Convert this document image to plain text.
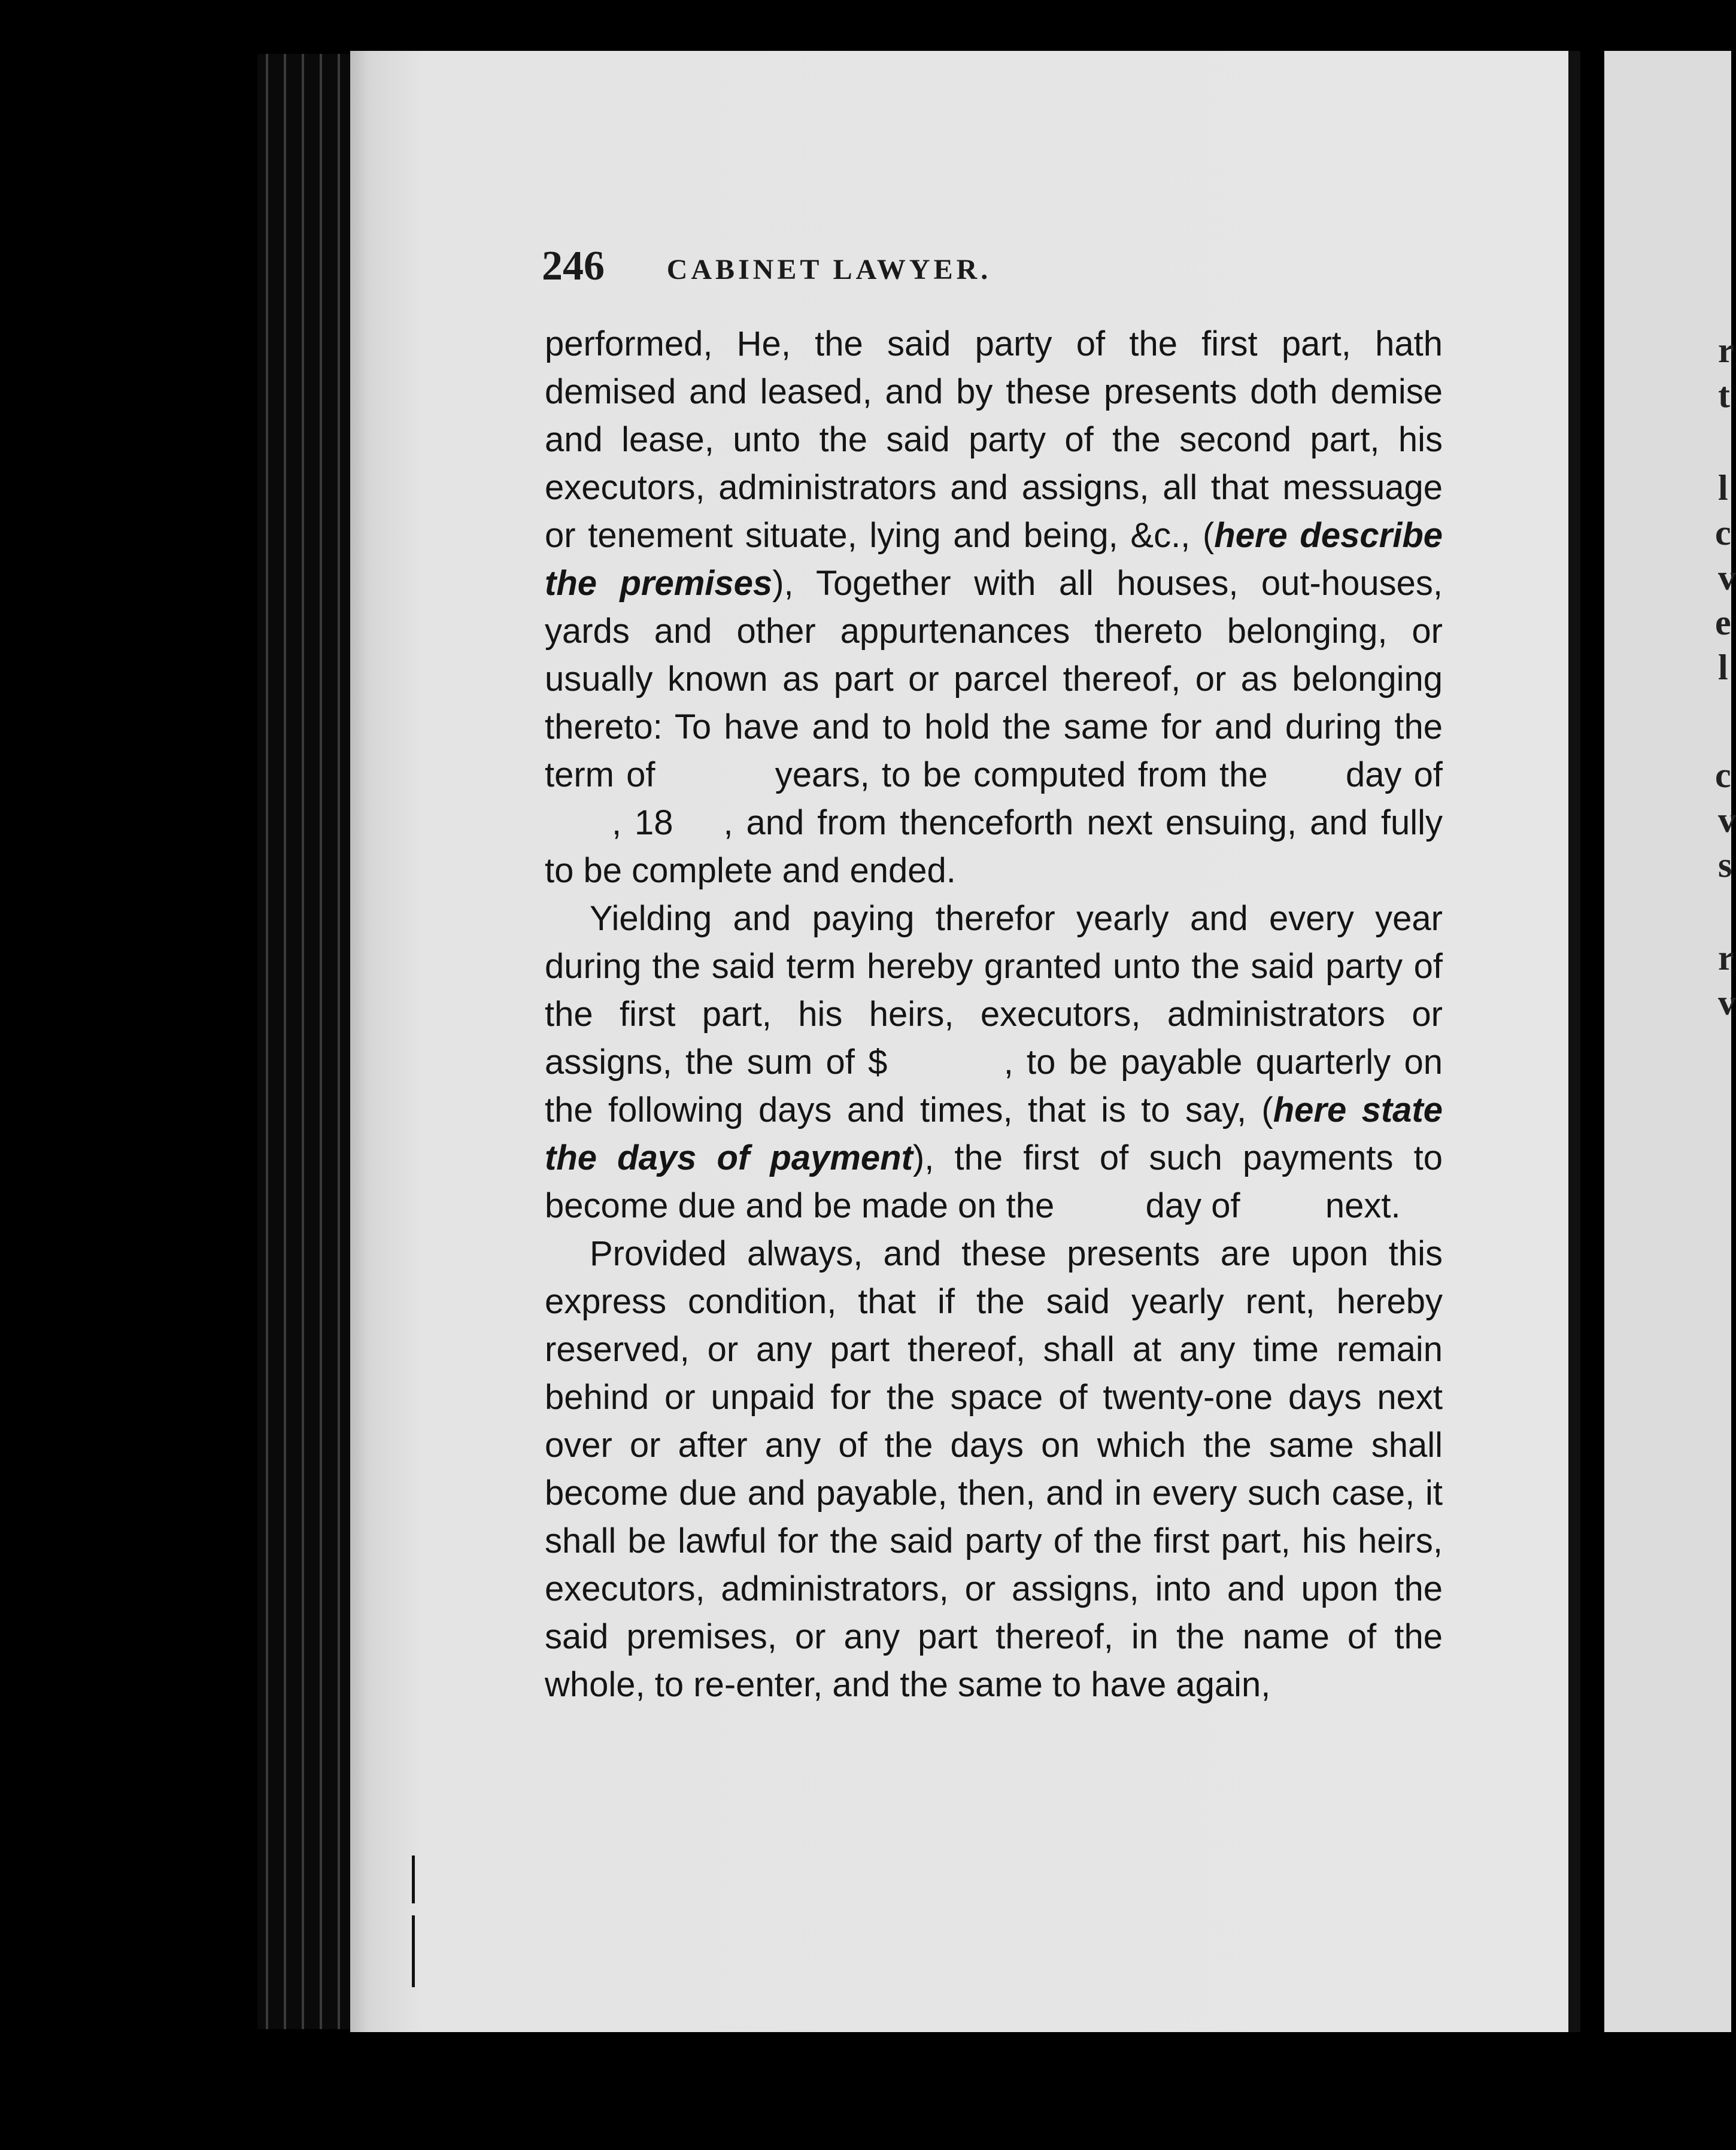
r
t
l
c
v
e
l
c
v
s
r
v
246 CABINET LAWYER.

performed, He, the said party of the first part, hath demised and leased, and by these presents doth demise and lease, unto the said party of the second part, his executors, administrators and assigns, all that messuage or tenement situate, lying and being, &c., (here describe the premises), Together with all houses, out-houses, yards and other appurtenances thereto belonging, or usually known as part or parcel thereof, or as belonging thereto: To have and to hold the same for and during the term of	years, to be computed from the day of  , 18 , and from thenceforth next ensuing, and fully to be complete and ended.

Yielding and paying therefor yearly and every year during the said term hereby granted unto the said party of the first part, his heirs, executors, administrators or assigns, the sum of $	, to be payable quarterly on the following days and times, that is to say, (here state the days of payment), the first of such payments to become due and be made on the	day of next.

Provided always, and these presents are upon this express condition, that if the said yearly rent, hereby reserved, or any part thereof, shall at any time remain behind or unpaid for the space of twenty-one days next over or after any of the days on which the same shall become due and payable, then, and in every such case, it shall be lawful for the said party of the first part, his heirs, executors, administrators, or assigns, into and upon the said premises, or any part thereof, in the name of the whole, to re-enter, and the same to have again,
